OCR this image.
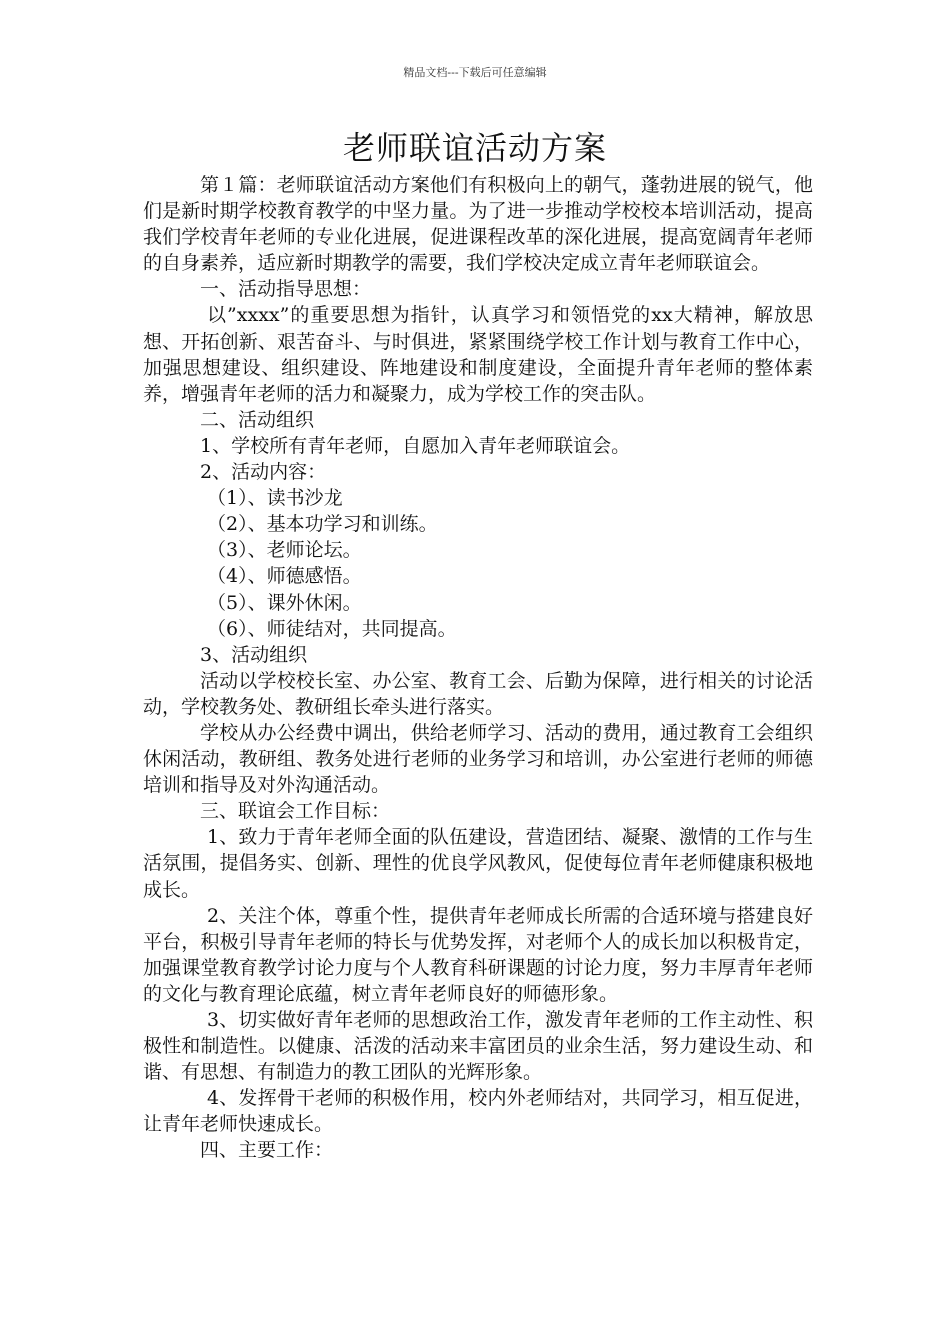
精品文档---下载后可任意编辑
老师联谊活动方案

第１篇：老师联谊活动方案他们有积极向上的朝气，蓬勃进展的锐气，他们是新时期学校教育教学的中坚力量。为了进一步推动学校校本培训活动，提高我们学校青年老师的专业化进展，促进课程改革的深化进展，提高宽阔青年老师的自身素养，适应新时期教学的需要，我们学校决定成立青年老师联谊会。

一、活动指导思想：

以”xxxx”的重要思想为指针，认真学习和领悟党的xx大精神，解放思想、开拓创新、艰苦奋斗、与时俱进，紧紧围绕学校工作计划与教育工作中心，加强思想建设、组织建设、阵地建设和制度建设，全面提升青年老师的整体素养，增强青年老师的活力和凝聚力，成为学校工作的突击队。

二、活动组织

1、学校所有青年老师，自愿加入青年老师联谊会。

2、活动内容：

（1）、读书沙龙

（2）、基本功学习和训练。

（3）、老师论坛。

（4）、师德感悟。

（5）、课外休闲。

（6）、师徒结对，共同提高。

3、活动组织

活动以学校校长室、办公室、教育工会、后勤为保障，进行相关的讨论活动，学校教务处、教研组长牵头进行落实。

学校从办公经费中调出，供给老师学习、活动的费用，通过教育工会组织休闲活动，教研组、教务处进行老师的业务学习和培训，办公室进行老师的师德培训和指导及对外沟通活动。

三、联谊会工作目标：

1、致力于青年老师全面的队伍建设，营造团结、凝聚、激情的工作与生活氛围，提倡务实、创新、理性的优良学风教风，促使每位青年老师健康积极地成长。

2、关注个体，尊重个性，提供青年老师成长所需的合适环境与搭建良好平台，积极引导青年老师的特长与优势发挥，对老师个人的成长加以积极肯定，加强课堂教育教学讨论力度与个人教育科研课题的讨论力度，努力丰厚青年老师的文化与教育理论底蕴，树立青年老师良好的师德形象。

3、切实做好青年老师的思想政治工作，激发青年老师的工作主动性、积极性和制造性。以健康、活泼的活动来丰富团员的业余生活，努力建设生动、和谐、有思想、有制造力的教工团队的光辉形象。

4、发挥骨干老师的积极作用，校内外老师结对，共同学习，相互促进，让青年老师快速成长。

四、主要工作：
